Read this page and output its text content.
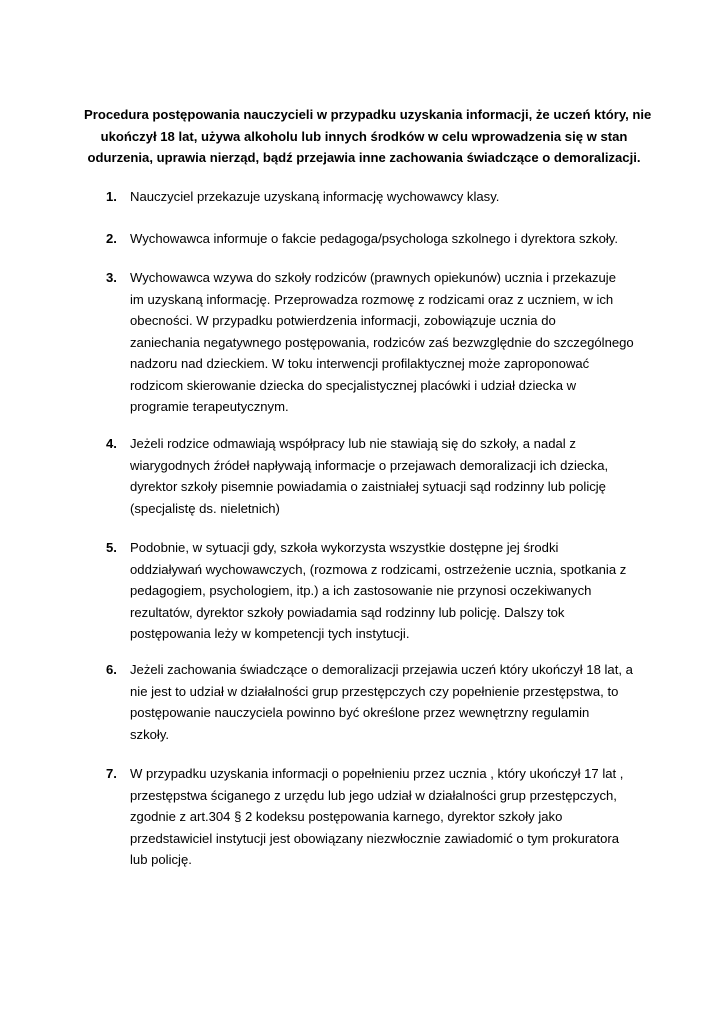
Procedura postępowania nauczycieli w przypadku uzyskania informacji, że uczeń który, nie
ukończył 18 lat, używa alkoholu lub innych środków w celu wprowadzenia się w stan
odurzenia, uprawia nierząd, bądź przejawia inne zachowania świadczące o demoralizacji.
1. Nauczyciel przekazuje uzyskaną informację wychowawcy klasy.
2. Wychowawca informuje o fakcie pedagoga/psychologa szkolnego i dyrektora szkoły.
3. Wychowawca wzywa do szkoły rodziców (prawnych opiekunów) ucznia i przekazuje
im uzyskaną informację. Przeprowadza rozmowę z rodzicami oraz z uczniem, w ich
obecności. W przypadku potwierdzenia informacji, zobowiązuje ucznia do
zaniechania negatywnego postępowania, rodziców zaś bezwzględnie do szczególnego
nadzoru nad dzieckiem. W toku interwencji profilaktycznej może zaproponować
rodzicom skierowanie dziecka do specjalistycznej placówki i udział dziecka w
programie terapeutycznym.
4. Jeżeli rodzice odmawiają współpracy lub nie stawiają się do szkoły, a nadal z
wiarygodnych źródeł napływają informacje o przejawach demoralizacji ich dziecka,
dyrektor szkoły pisemnie powiadamia o zaistniałej sytuacji sąd rodzinny lub policję
(specjalistę ds. nieletnich)
5. Podobnie, w sytuacji gdy, szkoła wykorzysta wszystkie dostępne jej środki
oddziaływań wychowawczych, (rozmowa z rodzicami, ostrzeżenie ucznia, spotkania z
pedagogiem, psychologiem, itp.) a ich zastosowanie nie przynosi oczekiwanych
rezultatów, dyrektor szkoły powiadamia sąd rodzinny lub policję. Dalszy tok
postępowania leży w kompetencji tych instytucji.
6. Jeżeli zachowania świadczące o demoralizacji przejawia uczeń który ukończył 18 lat, a
nie jest to udział w działalności grup przestępczych czy popełnienie przestępstwa, to
postępowanie nauczyciela powinno być określone przez wewnętrzny regulamin
szkoły.
7. W przypadku uzyskania informacji o popełnieniu przez ucznia , który ukończył 17 lat ,
przestępstwa ściganego z urzędu lub jego udział w działalności grup przestępczych,
zgodnie z art.304 § 2 kodeksu postępowania karnego, dyrektor szkoły jako
przedstawiciel instytucji jest obowiązany niezwłocznie zawiadomić o tym prokuratora
lub policję.
